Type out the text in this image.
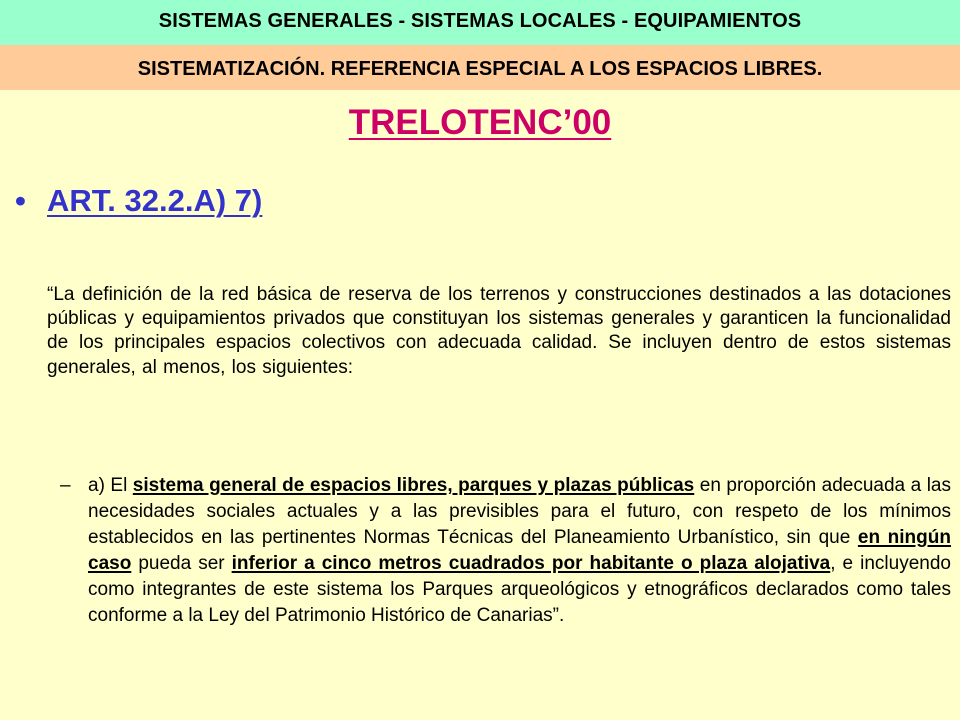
SISTEMAS GENERALES - SISTEMAS LOCALES - EQUIPAMIENTOS
SISTEMATIZACIÓN. REFERENCIA ESPECIAL A LOS ESPACIOS LIBRES.
TRELOTENC’00
• ART. 32.2.A) 7)
“La definición de la red básica de reserva de los terrenos y construcciones destinados a las dotaciones públicas y equipamientos privados que constituyan los sistemas generales y garanticen la funcionalidad de los principales espacios colectivos con adecuada calidad. Se incluyen dentro de estos sistemas generales, al menos, los siguientes:
– a) El sistema general de espacios libres, parques y plazas públicas en proporción adecuada a las necesidades sociales actuales y a las previsibles para el futuro, con respeto de los mínimos establecidos en las pertinentes Normas Técnicas del Planeamiento Urbanístico, sin que en ningún caso pueda ser inferior a cinco metros cuadrados por habitante o plaza alojativa, e incluyendo como integrantes de este sistema los Parques arqueológicos y etnográficos declarados como tales conforme a la Ley del Patrimonio Histórico de Canarias”.
